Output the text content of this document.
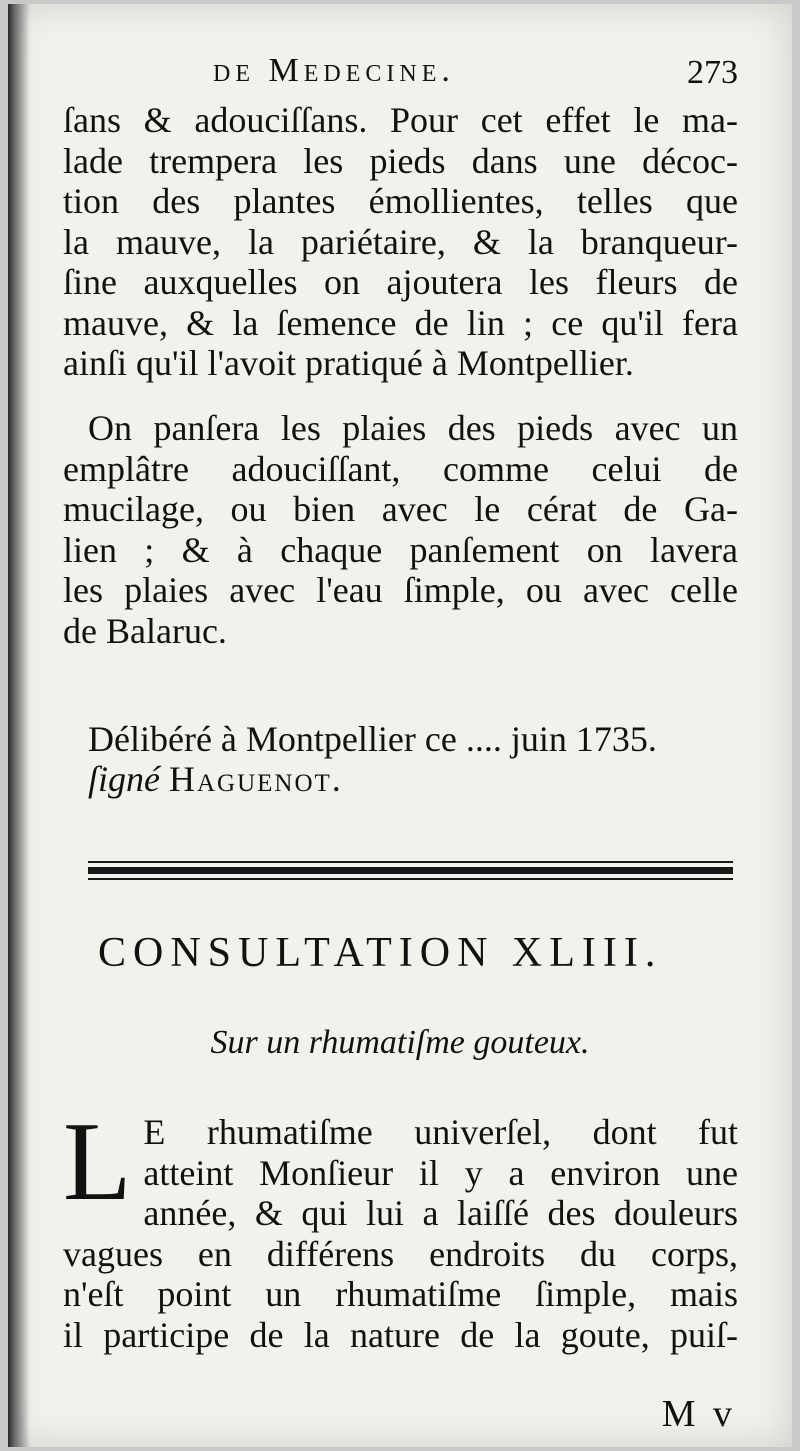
de Medecine.	273
ſans & adouciſſans. Pour cet effet le ma-
lade trempera les pieds dans une décoc-
tion des plantes émollientes, telles que
la mauve, la pariétaire, & la branqueur-
ſine auxquelles on ajoutera les fleurs de
mauve, & la ſemence de lin ; ce qu'il fera
ainſi qu'il l'avoit pratiqué à Montpellier.
On panſera les plaies des pieds avec un
emplâtre adouciſſant, comme celui de
mucilage, ou bien avec le cérat de Ga-
lien ; & à chaque panſement on lavera
les plaies avec l'eau ſimple, ou avec celle
de Balaruc.
Délibéré à Montpellier ce .... juin 1735.
ſigné Haguenot.
CONSULTATION XLIII.
Sur un rhumatiſme gouteux.
L E rhumatiſme univerſel, dont fut
atteint Monſieur il y a environ une
année, & qui lui a laiſſé des douleurs
vagues en différens endroits du corps,
n'eſt point un rhumatiſme ſimple, mais
il participe de la nature de la goute, puiſ-
M v
